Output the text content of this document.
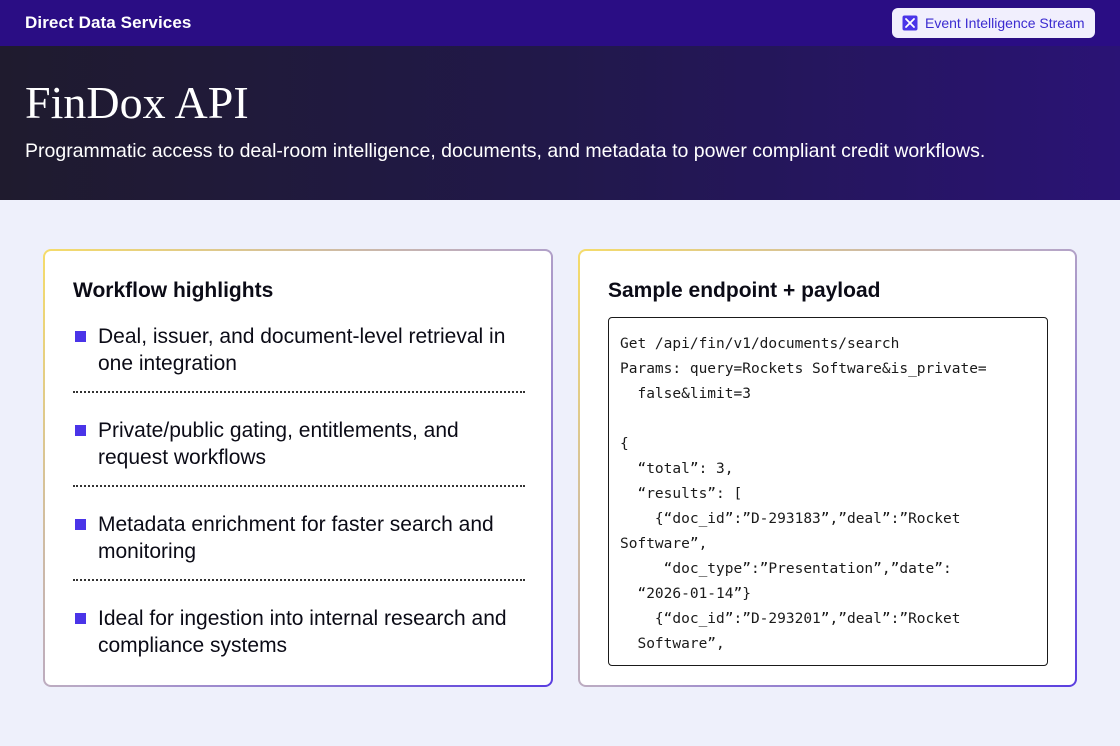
Direct Data Services	Event Intelligence Stream
FinDox API

Programmatic access to deal-room intelligence, documents, and metadata to power compliant credit workflows.

Workflow highlights
Deal, issuer, and document-level retrieval in one integration
Private/public gating, entitlements, and request workflows
Metadata enrichment for faster search and monitoring
Ideal for ingestion into internal research and compliance systems
Sample endpoint + payload
Get /api/fin/v1/documents/search
Params: query=Rockets Software&is_private=
false&limit=3

{
“total”: 3,
“results”: [
{“doc_id”:”D-293183”,”deal”:”Rocket
Software”,
“doc_type”:”Presentation”,”date”:
“2026-01-14”}
{“doc_id”:”D-293201”,”deal”:”Rocket
Software”,
